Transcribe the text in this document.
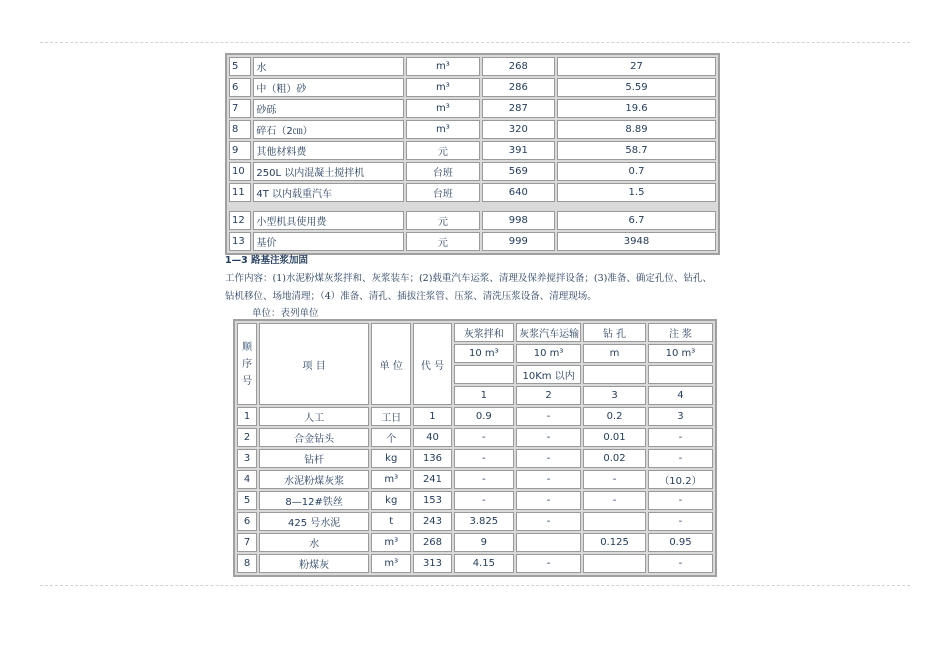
5	水	m³	268	27
6	中（粗）砂	m³	286	5.59
7	砂砾	m³	287	19.6
8	碎石（2㎝）	m³	320	8.89
9	其他材料费	元	391	58.7
10	250L 以内混凝土搅拌机	台班	569	0.7
11	4T 以内载重汽车	台班	640	1.5

12	小型机具使用费	元	998	6.7
13	基价	元	999	3948
1—3 路基注浆加固
工作内容：(1)水泥粉煤灰浆拌和、灰浆装车；(2)载重汽车运浆、清理及保养搅拌设备；(3)准备、确定孔位、钻孔、
钻机移位、场地清理；（4）准备、清孔、插拔注浆管、压浆、清洗压浆设备、清理现场。
单位：表列单位
顺序号	项 目	单 位	代 号	灰浆拌和	灰浆汽车运输	钻 孔	注 浆
				10 m³	10 m³	m	10 m³
					10Km 以内		
				1	2	3	4
1	人工	工日	1	0.9	-	0.2	3
2	合金钻头	个	40	-	-	0.01	-
3	钻杆	kg	136	-	-	0.02	-
4	水泥粉煤灰浆	m³	241	-	-	-	（10.2）
5	8—12#铁丝	kg	153	-	-	-	-
6	425 号水泥	t	243	3.825	-		-
7	水	m³	268	9		0.125	0.95
8	粉煤灰	m³	313	4.15	-		-
